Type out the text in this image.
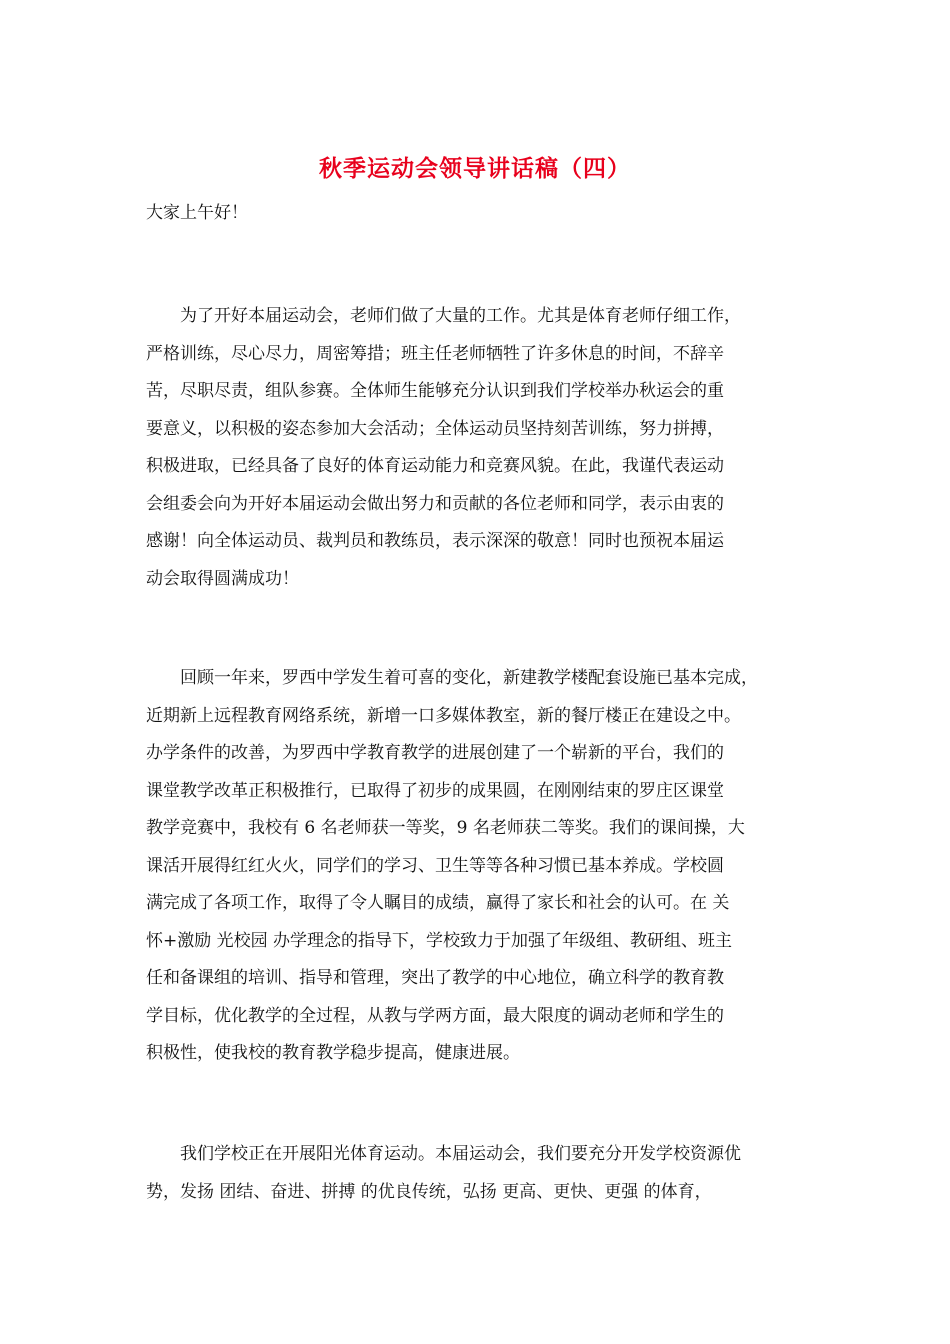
秋季运动会领导讲话稿（四）
大家上午好！
　　为了开好本届运动会，老师们做了大量的工作。尤其是体育老师仔细工作，
严格训练，尽心尽力，周密筹措；班主任老师牺牲了许多休息的时间，不辞辛
苦，尽职尽责，组队参赛。全体师生能够充分认识到我们学校举办秋运会的重
要意义，以积极的姿态参加大会活动；全体运动员坚持刻苦训练，努力拼搏，
积极进取，已经具备了良好的体育运动能力和竞赛风貌。在此，我谨代表运动
会组委会向为开好本届运动会做出努力和贡献的各位老师和同学，表示由衷的
感谢！向全体运动员、裁判员和教练员，表示深深的敬意！同时也预祝本届运
动会取得圆满成功！
　　回顾一年来，罗西中学发生着可喜的变化，新建教学楼配套设施已基本完成，
近期新上远程教育网络系统，新增一口多媒体教室，新的餐厅楼正在建设之中。
办学条件的改善，为罗西中学教育教学的进展创建了一个崭新的平台，我们的
课堂教学改革正积极推行，已取得了初步的成果圆，在刚刚结束的罗庄区课堂
教学竞赛中，我校有 6 名老师获一等奖，9 名老师获二等奖。我们的课间操，大
课活开展得红红火火，同学们的学习、卫生等等各种习惯已基本养成。学校圆
满完成了各项工作，取得了令人瞩目的成绩，赢得了家长和社会的认可。在 关
怀+激励 光校园 办学理念的指导下，学校致力于加强了年级组、教研组、班主
任和备课组的培训、指导和管理，突出了教学的中心地位，确立科学的教育教
学目标，优化教学的全过程，从教与学两方面，最大限度的调动老师和学生的
积极性，使我校的教育教学稳步提高，健康进展。
　　我们学校正在开展阳光体育运动。本届运动会，我们要充分开发学校资源优
势，发扬 团结、奋进、拼搏 的优良传统，弘扬 更高、更快、更强 的体育，
